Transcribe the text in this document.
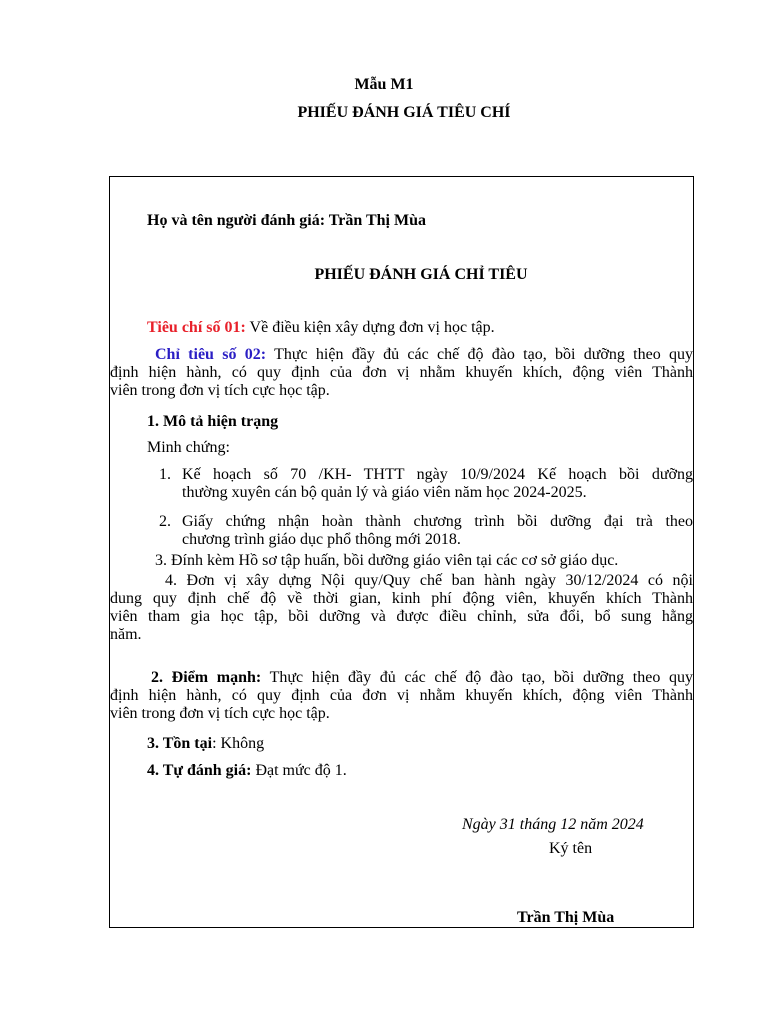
Mẫu M1
PHIẾU ĐÁNH GIÁ TIÊU CHÍ
Họ và tên người đánh giá: Trần Thị Mùa
PHIẾU ĐÁNH GIÁ CHỈ TIÊU
Tiêu chí số 01: Về điều kiện xây dựng đơn vị học tập.
Chỉ tiêu số 02: Thực hiện đầy đủ các chế độ đào tạo, bồi dưỡng theo quy
định hiện hành, có quy định của đơn vị nhằm khuyến khích, động viên Thành
viên trong đơn vị tích cực học tập.
1. Mô tả hiện trạng
Minh chứng:
1. Kế hoạch số 70 /KH- THTT ngày 10/9/2024 Kế hoạch bồi dưỡng
thường xuyên cán bộ quản lý và giáo viên năm học 2024-2025.
2. Giấy chứng nhận hoàn thành chương trình bồi dưỡng đại trà theo
chương trình giáo dục phổ thông mới 2018.
3. Đính kèm Hồ sơ tập huấn, bồi dưỡng giáo viên tại các cơ sở giáo dục.
4. Đơn vị xây dựng Nội quy/Quy chế ban hành ngày 30/12/2024 có nội
dung quy định chế độ về thời gian, kinh phí động viên, khuyến khích Thành
viên tham gia học tập, bồi dưỡng và được điều chỉnh, sửa đổi, bổ sung hằng
năm.
2. Điểm mạnh: Thực hiện đầy đủ các chế độ đào tạo, bồi dưỡng theo quy
định hiện hành, có quy định của đơn vị nhằm khuyến khích, động viên Thành
viên trong đơn vị tích cực học tập.
3. Tồn tại: Không
4. Tự đánh giá: Đạt mức độ 1.
Ngày 31 tháng 12 năm 2024
Ký tên
Trần Thị Mùa
